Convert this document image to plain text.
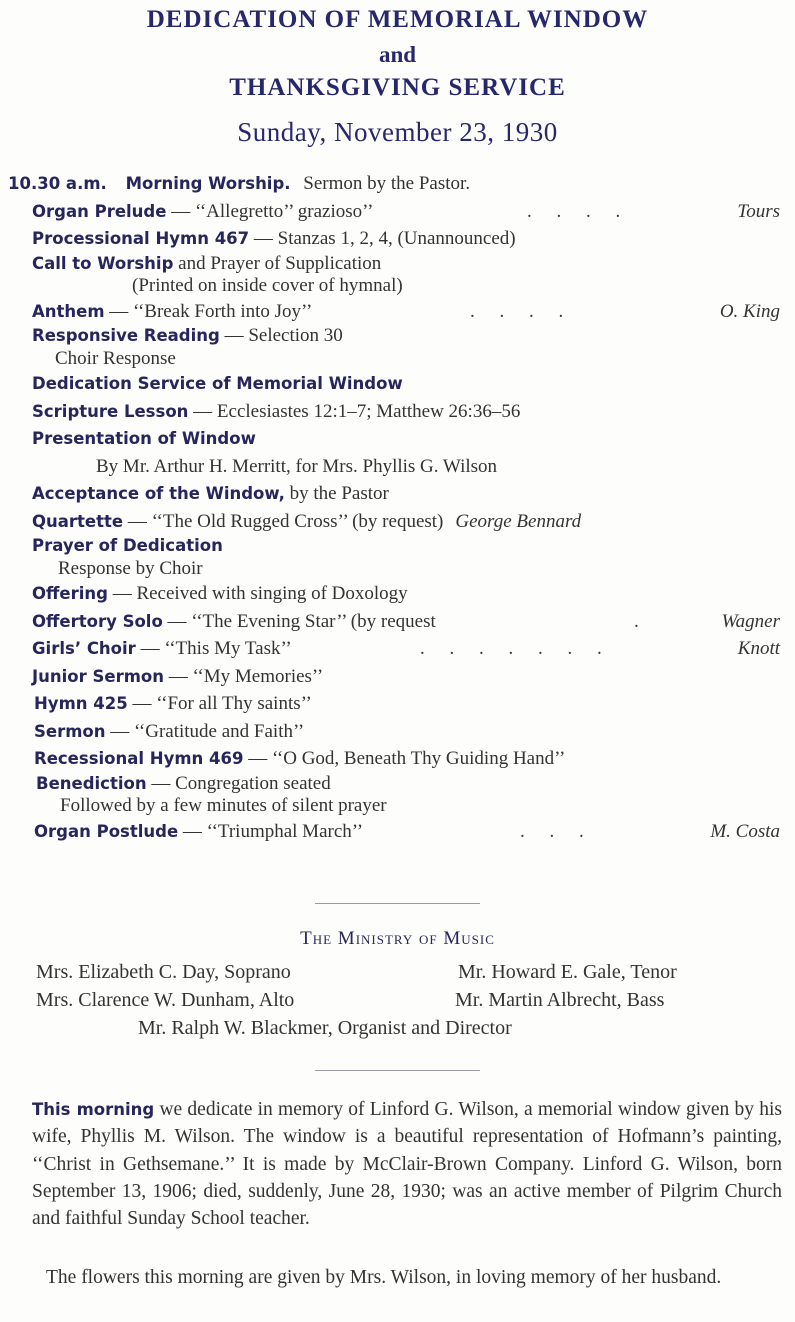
DEDICATION OF MEMORIAL WINDOW
and
THANKSGIVING SERVICE
Sunday, November 23, 1930
10.30 a.m. Morning Worship. Sermon by the Pastor.
Organ Prelude — ‘‘Allegretto’’ grazioso’’	. . . .	Tours
Processional Hymn 467 — Stanzas 1, 2, 4, (Unannounced)
Call to Worship and Prayer of Supplication
(Printed on inside cover of hymnal)
Anthem — ‘‘Break Forth into Joy’’	. . . .	O. King
Responsive Reading — Selection 30
Choir Response
Dedication Service of Memorial Window
Scripture Lesson — Ecclesiastes 12:1–7; Matthew 26:36–56
Presentation of Window
By Mr. Arthur H. Merritt, for Mrs. Phyllis G. Wilson
Acceptance of the Window, by the Pastor
Quartette — ‘‘The Old Rugged Cross’’ (by request) George Bennard
Prayer of Dedication
Response by Choir
Offering — Received with singing of Doxology
Offertory Solo — ‘‘The Evening Star’’ (by request	.	Wagner
Girls’ Choir — ‘‘This My Task’’	. . . . . . .	Knott
Junior Sermon — ‘‘My Memories’’
Hymn 425 — ‘‘For all Thy saints’’
Sermon — ‘‘Gratitude and Faith’’
Recessional Hymn 469 — ‘‘O God, Beneath Thy Guiding Hand’’
Benediction — Congregation seated
Followed by a few minutes of silent prayer
Organ Postlude — ‘‘Triumphal March’’	. . .	M. Costa
The Ministry of Music
Mrs. Elizabeth C. Day, Soprano	Mr. Howard E. Gale, Tenor
Mrs. Clarence W. Dunham, Alto	Mr. Martin Albrecht, Bass
Mr. Ralph W. Blackmer, Organist and Director
This morning we dedicate in memory of Linford G. Wilson, a memorial window given by his wife, Phyllis M. Wilson. The window is a beautiful representation of Hofmann’s painting, ‘‘Christ in Gethsemane.’’ It is made by McClair-Brown Company. Linford G. Wilson, born September 13, 1906; died, suddenly, June 28, 1930; was an active member of Pilgrim Church and faithful Sunday School teacher.
The flowers this morning are given by Mrs. Wilson, in loving memory of her husband.
